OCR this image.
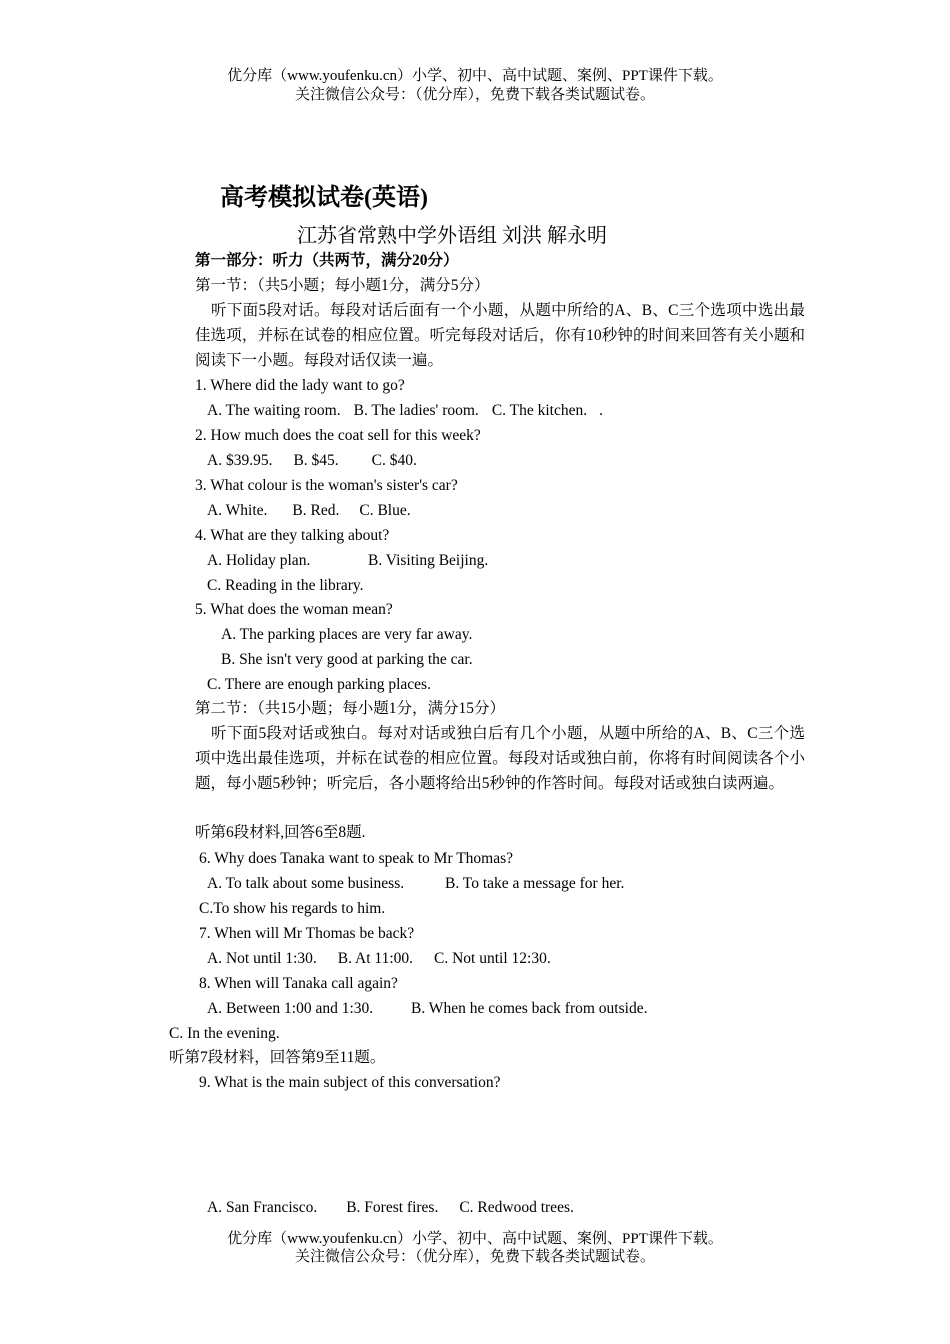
优分库（www.youfenku.cn）小学、初中、高中试题、案例、PPT课件下载。
关注微信公众号：（优分库），免费下载各类试题试卷。
高考模拟试卷(英语)
江苏省常熟中学外语组 刘洪 解永明
第一部分：听力（共两节，满分20分）
第一节：（共5小题；每小题1分，满分5分）
听下面5段对话。每段对话后面有一个小题，从题中所给的A、B、C三个选项中选出最佳选项，并标在试卷的相应位置。听完每段对话后，你有10秒钟的时间来回答有关小题和阅读下一小题。每段对话仅读一遍。
1. Where did the lady want to go?
A. The waiting room. B. The ladies' room. C. The kitchen. .
2. How much does the coat sell for this week?
A. $39.95. B. $45. C. $40.
3. What colour is the woman's sister's car?
A. White. B. Red. C. Blue.
4. What are they talking about?
A. Holiday plan.	B. Visiting Beijing.
C. Reading in the library.
5. What does the woman mean?
A. The parking places are very far away.
B. She isn't very good at parking the car.
C. There are enough parking places.
第二节：（共15小题；每小题1分，满分15分）
听下面5段对话或独白。每对对话或独白后有几个小题，从题中所给的A、B、C三个选项中选出最佳选项，并标在试卷的相应位置。每段对话或独白前，你将有时间阅读各个小题，每小题5秒钟；听完后，各小题将给出5秒钟的作答时间。每段对话或独白读两遍。
听第6段材料,回答6至8题.
6. Why does Tanaka want to speak to Mr Thomas?
A. To talk about some business.	B. To take a message for her.
C.To show his regards to him.
7. When will Mr Thomas be back?
A. Not until 1:30. B. At 11:00. C. Not until 12:30.
8. When will Tanaka call again?
A. Between 1:00 and 1:30. B. When he comes back from outside.
C. In the evening.
听第7段材料，回答第9至11题。
9. What is the main subject of this conversation?
A. San Francisco. B. Forest fires. C. Redwood trees.
优分库（www.youfenku.cn）小学、初中、高中试题、案例、PPT课件下载。
关注微信公众号：（优分库），免费下载各类试题试卷。
